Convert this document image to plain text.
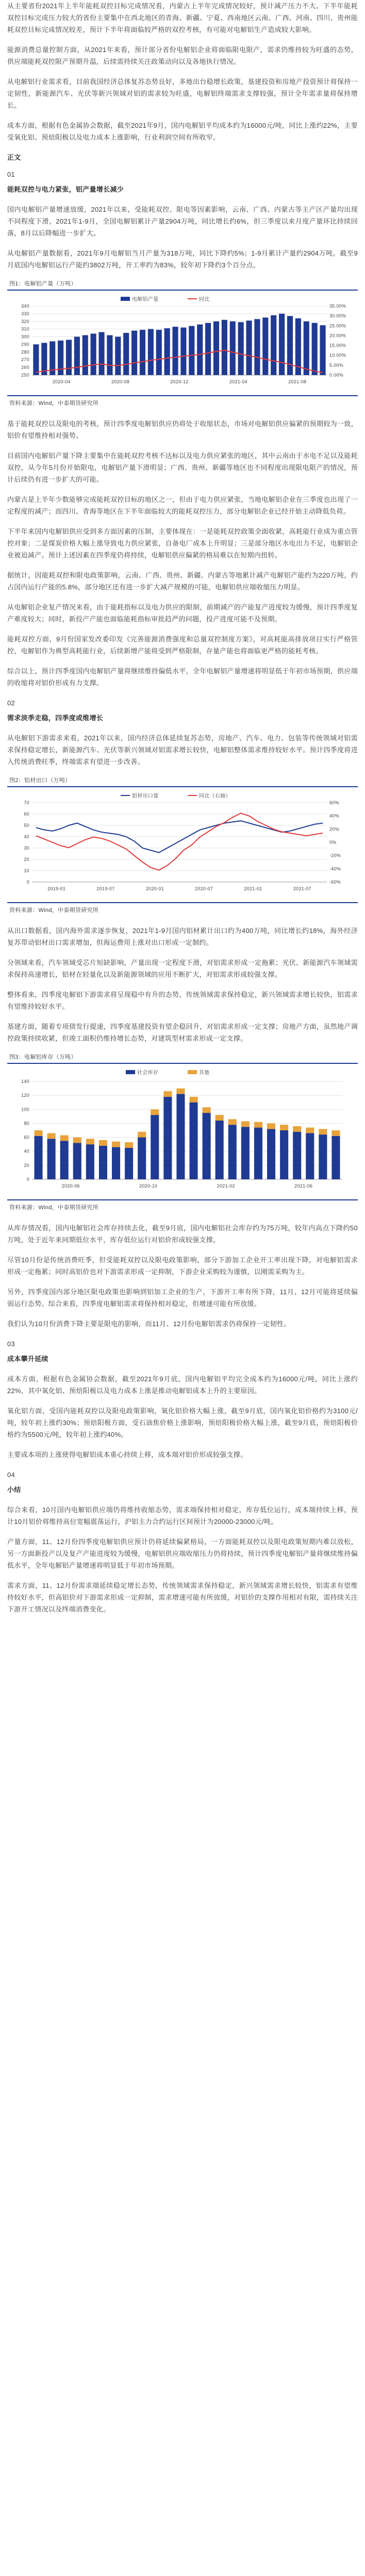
从主要省份2021年上半年能耗双控目标完成情况看，内蒙古上半年完成情况较好，预计减产压力不大。下半年能耗双控目标完成压力较大的省份主要集中在西北地区的青海、新疆、宁夏、西南地区云南、广西、河南、四川、贵州能耗双控目标完成情况较差，预计下半年将面临较严格的双控考核，有可能对电解铝生产造成较大影响。

能源消费总量控制方面，从2021年来看，预计部分省份电解铝企业将面临限电限产，需求仍维持较为旺盛的态势，供应端能耗双控限产预期升温，后续需持续关注政策动向以及各地执行情况。

从电解铝行业需求看，目前我国经济总体复苏态势良好，多地出台稳增长政策，基建投资和房地产投资预计将保持一定韧性，新能源汽车、光伏等新兴领域对铝的需求较为旺盛，电解铝终端需求支撑较强，预计全年需求量将保持增长。

成本方面，根据有色金属协会数据，截至2021年9月，国内电解铝平均成本约为16000元/吨，同比上涨约22%，主要受氧化铝、预焙阳极以及电力成本上涨影响，行业利润空间有所收窄。

正文
01
能耗双控与电力紧张，铝产量增长减少

国内电解铝产量增速放缓，2021年以来，受能耗双控、限电等因素影响，云南、广西、内蒙古等主产区产量均出现不同程度下滑。2021年1-9月，全国电解铝累计产量2904万吨，同比增长约6%，但三季度以来月度产量环比持续回落，8月以后降幅进一步扩大。

从电解铝产量数据看，2021年9月电解铝当月产量为318万吨，同比下降约5%；1-9月累计产量约2904万吨。截至9月底国内电解铝运行产能约3802万吨，开工率约为83%，较年初下降约3个百分点。

图1：电解铝产量（万吨）
电解铝产量	同比
250
260
270
280
290
300
310
320
330
340
0.00%
5.00%
10.00%
15.00%
20.00%
25.00%
30.00%
35.00%
2020-04	2020-08	2020-12	2021-04	2021-08
资料来源：Wind，中泰期货研究所

基于能耗双控以及限电的考核，预计四季度电解铝供应仍将处于收缩状态，市场对电解铝供应偏紧的预期较为一致，铝价有望维持相对强势。

目前国内电解铝产量下降主要集中在能耗双控考核不达标以及电力供应紧张的地区，其中云南由于水电不足以及能耗双控，从今年5月份开始限电，电解铝产量下滑明显；广西、贵州、新疆等地区也不同程度出现限电限产的情况，预计后续仍有进一步扩大的可能。

内蒙古是上半年少数能够完成能耗双控目标的地区之一，但由于电力供应紧张，当地电解铝企业在三季度也出现了一定程度的减产；而四川、青海等地区在下半年面临较大的能耗双控压力，部分电解铝企业已经开始主动降低负荷。

下半年来国内电解铝供应受到多方面因素的压制，主要体现在：一是能耗双控政策全面收紧，高耗能行业成为重点管控对象；二是煤炭价格大幅上涨导致电力供应紧张，自备电厂成本上升明显；三是部分地区水电出力不足，电解铝企业被迫减产。预计上述因素在四季度仍将持续，电解铝供应偏紧的格局难以在短期内扭转。

据统计，因能耗双控和限电政策影响，云南、广西、贵州、新疆、内蒙古等地累计减产电解铝产能约为220万吨，约占国内运行产能的5.8%，部分地区还有进一步扩大减产规模的可能，电解铝供应端收缩压力明显。

从电解铝企业复产情况来看，由于能耗指标以及电力供应的限制，前期减产的产能复产进度较为缓慢，预计四季度复产难度较大；同时，新投产产能也面临能耗指标审批趋严的问题，投产进度可能不及预期。

能耗双控方面，9月份国家发改委印发《完善能源消费强度和总量双控制度方案》，对高耗能高排放项目实行严格管控，电解铝作为典型高耗能行业，后续新增产能将受到严格限制，存量产能也将面临更严格的能耗考核。

综合以上，预计四季度国内电解铝产量将继续维持偏低水平，全年电解铝产量增速将明显低于年初市场预期，供应端的收缩将对铝价形成有力支撑。

02
需求淡季走稳，四季度或维增长

从电解铝下游需求来看，2021年以来，国内经济总体延续复苏态势，房地产、汽车、电力、包装等传统领域对铝需求保持稳定增长，新能源汽车、光伏等新兴领域对铝需求增长较快，电解铝整体需求维持较好水平。预计四季度将进入传统消费旺季，终端需求有望进一步改善。

图2：铝材出口（万吨）
铝材出口量	同比（右轴）
0
10
20
30
40
50
60
70
-60%
-40%
-20%
0%
20%
40%
60%
2019-01	2019-07	2020-01	2020-07	2021-01	2021-07
资料来源：Wind，中泰期货研究所

从出口数据看，国内海外需求逐步恢复，2021年1-9月国内铝材累计出口约为400万吨，同比增长约18%，海外经济复苏带动铝材出口需求增加，但海运费用上涨对出口形成一定制约。

分领域来看，汽车领域受芯片短缺影响，产量出现一定程度下滑，对铝需求形成一定拖累；光伏、新能源汽车领域需求保持高速增长，铝材在轻量化以及新能源领域的应用不断扩大，对铝需求形成较强支撑。

整体看来，四季度电解铝下游需求将呈现稳中有升的态势，传统领域需求保持稳定，新兴领域需求增长较快，铝需求有望维持较好水平。

基建方面，随着专项债发行提速，四季度基建投资有望企稳回升，对铝需求形成一定支撑；房地产方面，虽然地产调控政策持续收紧，但竣工面积仍维持增长态势，对建筑型材需求形成一定支撑。

图3：电解铝库存（万吨）
社会库存	其他
0
20
40
60
80
100
120
140
2020-06	2020-10	2021-02	2021-06
资料来源：Wind，中泰期货研究所

从库存情况看，国内电解铝社会库存持续去化，截至9月底，国内电解铝社会库存约为75万吨，较年内高点下降约50万吨，处于近年来同期低位水平，库存低位运行对铝价形成较强支撑。

尽管10月份是传统消费旺季，但受能耗双控以及限电政策影响，部分下游加工企业开工率出现下降，对电解铝需求形成一定拖累；同时高铝价也对下游需求形成一定抑制，下游企业采购较为谨慎，以刚需采购为主。

另外，四季度国内部分地区限电政策也影响到铝加工企业的生产，下游开工率有所下降，11月、12月可能将延续偏弱运行态势。综合来看，四季度电解铝需求将保持相对稳定，但增速可能有所放缓。

我们认为10月份消费下降主要是限电的影响，而11月、12月份电解铝需求仍将保持一定韧性。

03
成本攀升延续

成本方面，根据有色金属协会数据，截至2021年9月底，国内电解铝平均完全成本约为16000元/吨，同比上涨约22%，其中氧化铝、预焙阳极以及电力成本上涨是推动电解铝成本上升的主要原因。

氧化铝方面，受国内能耗双控以及限电政策影响，氧化铝价格大幅上涨，截至9月底，国内氧化铝价格约为3100元/吨，较年初上涨约30%；预焙阳极方面，受石油焦价格上涨影响，预焙阳极价格大幅上涨，截至9月底，预焙阳极价格约为5500元/吨，较年初上涨约40%。

主要成本项的上涨使得电解铝成本重心持续上移，成本端对铝价形成较强支撑。

04
小结

综合来看，10月国内电解铝供应端仍将维持收缩态势，需求端保持相对稳定，库存低位运行，成本端持续上移，预计10月铝价将维持高位宽幅震荡运行，沪铝主力合约运行区间预计为20000-23000元/吨。

产量方面，11、12月份四季度电解铝供应预计仍将延续偏紧格局，一方面能耗双控以及限电政策短期内难以放松，另一方面新投产以及复产产能进度较为缓慢，电解铝供应端收缩压力仍将持续，预计四季度电解铝产量将继续维持偏低水平，全年电解铝产量增速将明显低于年初市场预期。

需求方面，11、12月份需求端延续稳定增长态势，传统领域需求保持稳定，新兴领域需求增长较快，铝需求有望维持较好水平，但高铝价对下游需求形成一定抑制，需求增速可能有所放缓，对铝价的支撑作用相对有限，需持续关注下游开工情况以及终端消费变化。
